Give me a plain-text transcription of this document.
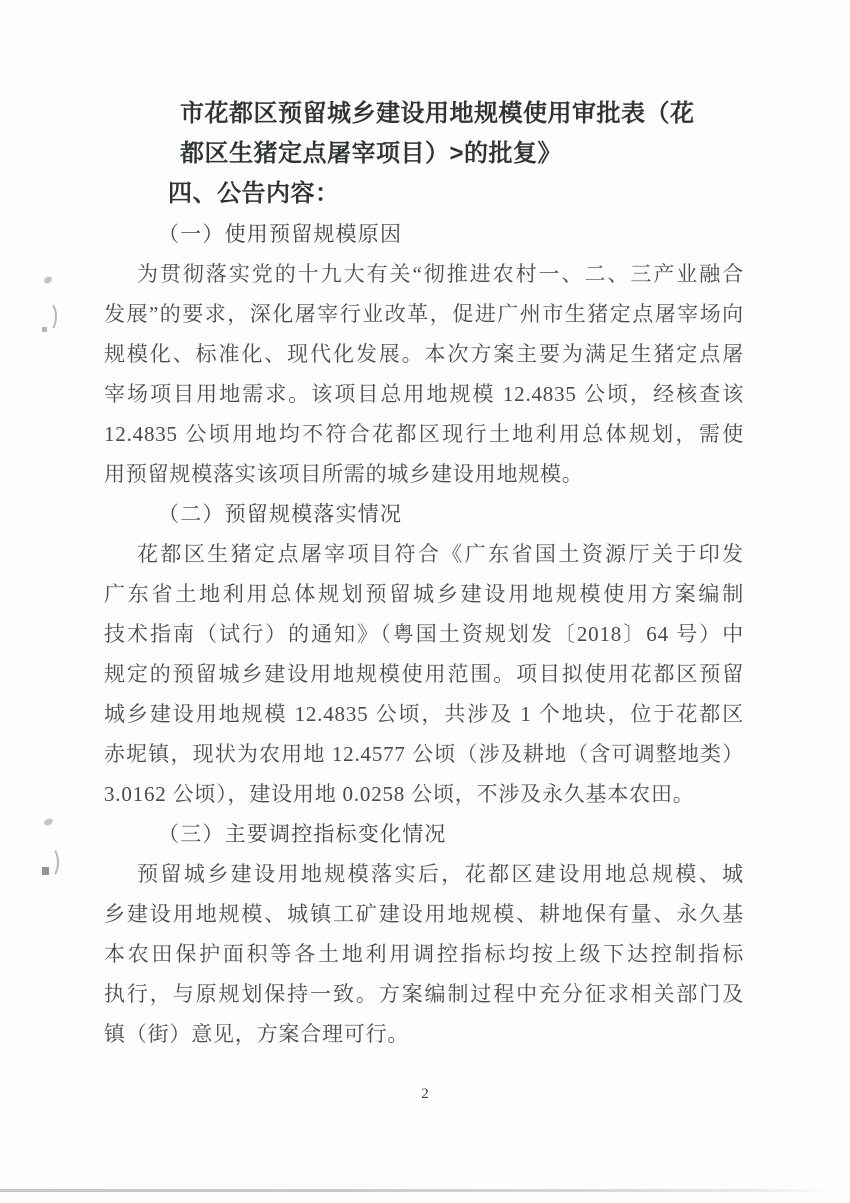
市花都区预留城乡建设用地规模使用审批表（花
都区生猪定点屠宰项目）>的批复》
四、公告内容：
（一）使用预留规模原因
为贯彻落实党的十九大有关“彻推进农村一、二、三产业融合
发展”的要求，深化屠宰行业改革，促进广州市生猪定点屠宰场向
规模化、标准化、现代化发展。本次方案主要为满足生猪定点屠
宰场项目用地需求。该项目总用地规模 12.4835 公顷，经核查该
12.4835 公顷用地均不符合花都区现行土地利用总体规划，需使
用预留规模落实该项目所需的城乡建设用地规模。
（二）预留规模落实情况
花都区生猪定点屠宰项目符合《广东省国土资源厅关于印发
广东省土地利用总体规划预留城乡建设用地规模使用方案编制
技术指南（试行）的通知》（粤国土资规划发〔2018〕64 号）中
规定的预留城乡建设用地规模使用范围。项目拟使用花都区预留
城乡建设用地规模 12.4835 公顷，共涉及 1 个地块，位于花都区
赤坭镇，现状为农用地 12.4577 公顷（涉及耕地（含可调整地类）
3.0162 公顷），建设用地 0.0258 公顷，不涉及永久基本农田。
（三）主要调控指标变化情况
预留城乡建设用地规模落实后，花都区建设用地总规模、城
乡建设用地规模、城镇工矿建设用地规模、耕地保有量、永久基
本农田保护面积等各土地利用调控指标均按上级下达控制指标
执行，与原规划保持一致。方案编制过程中充分征求相关部门及
镇（街）意见，方案合理可行。
2
